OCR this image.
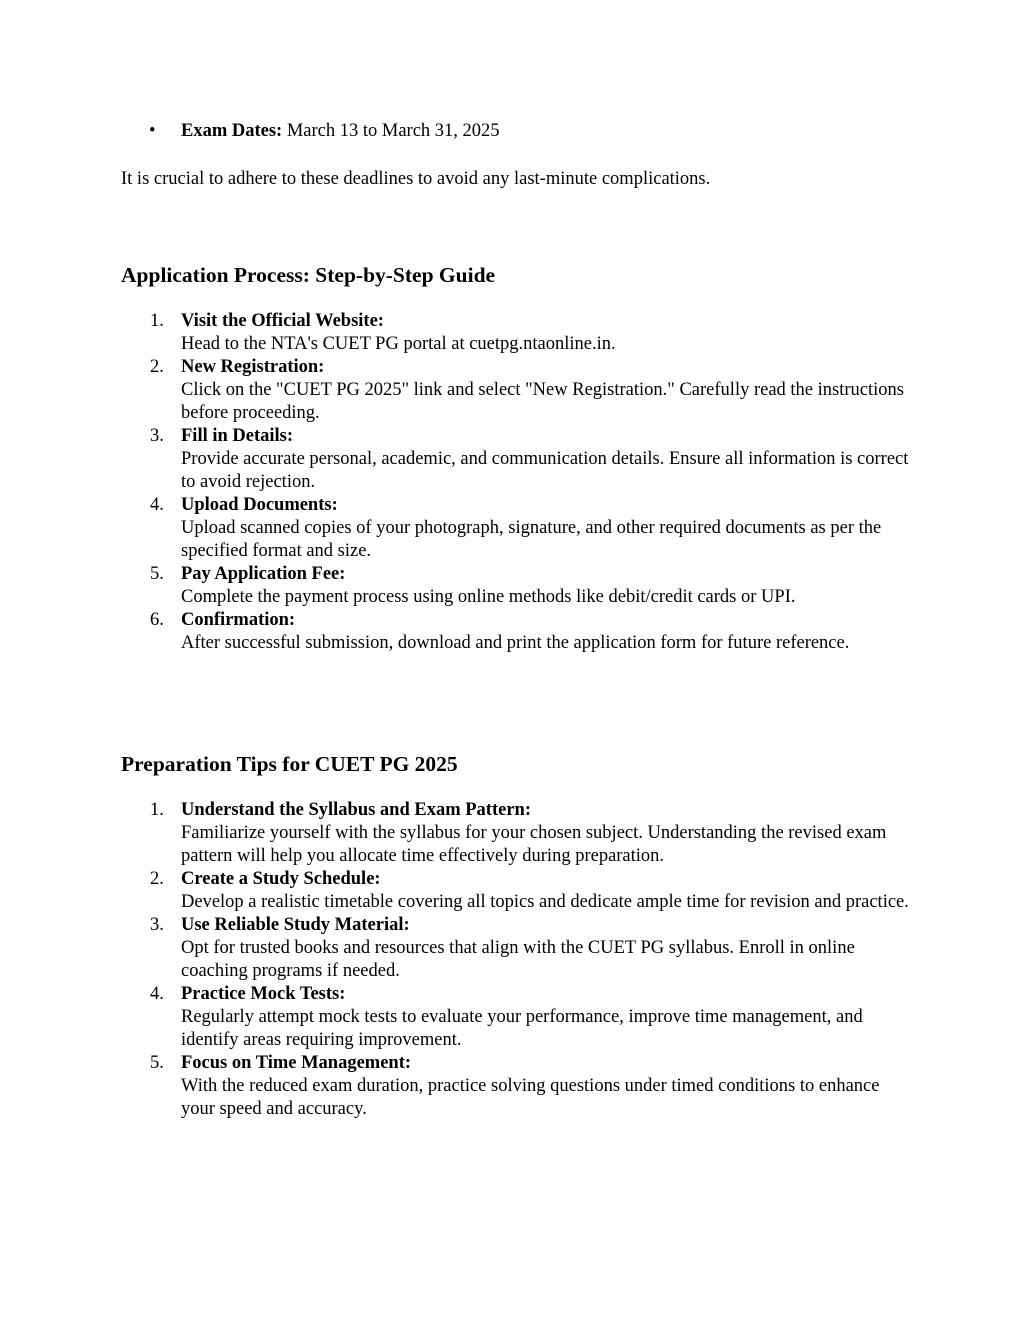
• Exam Dates: March 13 to March 31, 2025

It is crucial to adhere to these deadlines to avoid any last-minute complications.

Application Process: Step-by-Step Guide
1. Visit the Official Website:
Head to the NTA's CUET PG portal at cuetpg.ntaonline.in.
2. New Registration:
Click on the "CUET PG 2025" link and select "New Registration." Carefully read the instructions before proceeding.
3. Fill in Details:
Provide accurate personal, academic, and communication details. Ensure all information is correct to avoid rejection.
4. Upload Documents:
Upload scanned copies of your photograph, signature, and other required documents as per the specified format and size.
5. Pay Application Fee:
Complete the payment process using online methods like debit/credit cards or UPI.
6. Confirmation:
After successful submission, download and print the application form for future reference.
Preparation Tips for CUET PG 2025
1. Understand the Syllabus and Exam Pattern:
Familiarize yourself with the syllabus for your chosen subject. Understanding the revised exam pattern will help you allocate time effectively during preparation.
2. Create a Study Schedule:
Develop a realistic timetable covering all topics and dedicate ample time for revision and practice.
3. Use Reliable Study Material:
Opt for trusted books and resources that align with the CUET PG syllabus. Enroll in online coaching programs if needed.
4. Practice Mock Tests:
Regularly attempt mock tests to evaluate your performance, improve time management, and identify areas requiring improvement.
5. Focus on Time Management:
With the reduced exam duration, practice solving questions under timed conditions to enhance your speed and accuracy.
